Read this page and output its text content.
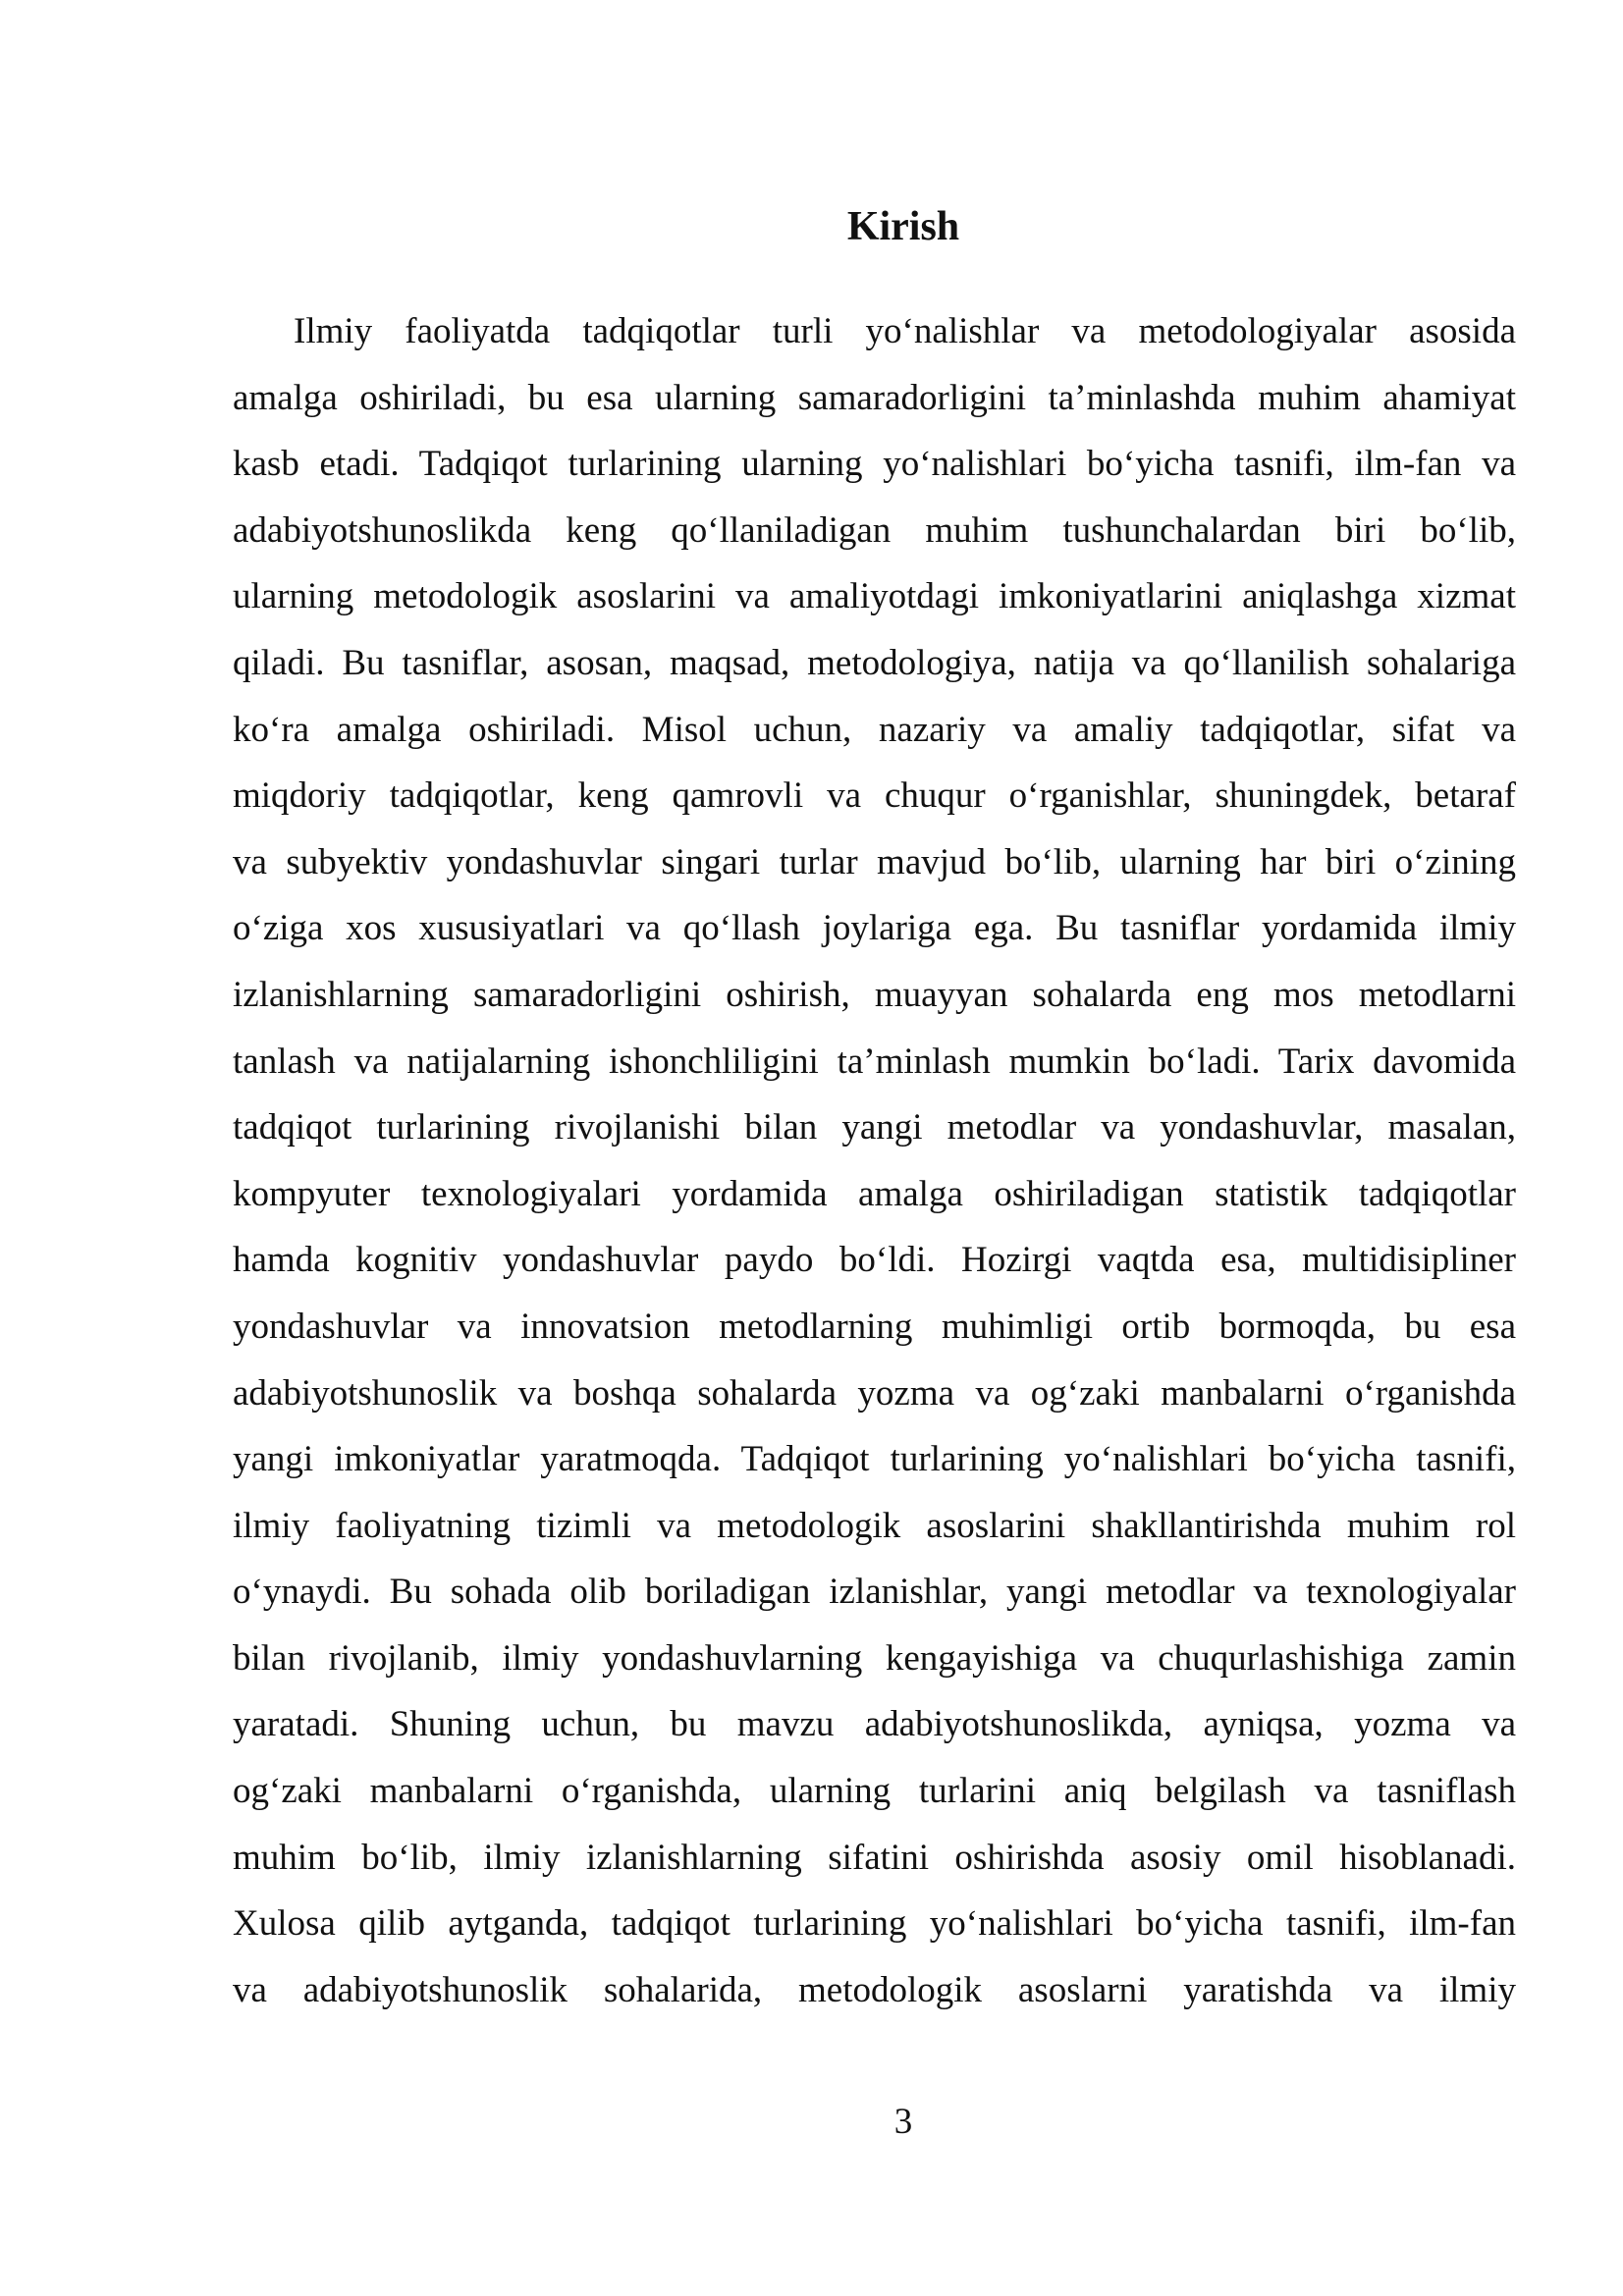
Kirish
Ilmiy faoliyatda tadqiqotlar turli yo‘nalishlar va metodologiyalar asosida
amalga oshiriladi, bu esa ularning samaradorligini ta’minlashda muhim ahamiyat
kasb etadi. Tadqiqot turlarining ularning yo‘nalishlari bo‘yicha tasnifi, ilm-fan va
adabiyotshunoslikda keng qo‘llaniladigan muhim tushunchalardan biri bo‘lib,
ularning metodologik asoslarini va amaliyotdagi imkoniyatlarini aniqlashga xizmat
qiladi. Bu tasniflar, asosan, maqsad, metodologiya, natija va qo‘llanilish sohalariga
ko‘ra amalga oshiriladi. Misol uchun, nazariy va amaliy tadqiqotlar, sifat va
miqdoriy tadqiqotlar, keng qamrovli va chuqur o‘rganishlar, shuningdek, betaraf
va subyektiv yondashuvlar singari turlar mavjud bo‘lib, ularning har biri o‘zining
o‘ziga xos xususiyatlari va qo‘llash joylariga ega. Bu tasniflar yordamida ilmiy
izlanishlarning samaradorligini oshirish, muayyan sohalarda eng mos metodlarni
tanlash va natijalarning ishonchliligini ta’minlash mumkin bo‘ladi. Tarix davomida
tadqiqot turlarining rivojlanishi bilan yangi metodlar va yondashuvlar, masalan,
kompyuter texnologiyalari yordamida amalga oshiriladigan statistik tadqiqotlar
hamda kognitiv yondashuvlar paydo bo‘ldi. Hozirgi vaqtda esa, multidisipliner
yondashuvlar va innovatsion metodlarning muhimligi ortib bormoqda, bu esa
adabiyotshunoslik va boshqa sohalarda yozma va og‘zaki manbalarni o‘rganishda
yangi imkoniyatlar yaratmoqda. Tadqiqot turlarining yo‘nalishlari bo‘yicha tasnifi,
ilmiy faoliyatning tizimli va metodologik asoslarini shakllantirishda muhim rol
o‘ynaydi. Bu sohada olib boriladigan izlanishlar, yangi metodlar va texnologiyalar
bilan rivojlanib, ilmiy yondashuvlarning kengayishiga va chuqurlashishiga zamin
yaratadi. Shuning uchun, bu mavzu adabiyotshunoslikda, ayniqsa, yozma va
og‘zaki manbalarni o‘rganishda, ularning turlarini aniq belgilash va tasniflash
muhim bo‘lib, ilmiy izlanishlarning sifatini oshirishda asosiy omil hisoblanadi.
Xulosa qilib aytganda, tadqiqot turlarining yo‘nalishlari bo‘yicha tasnifi, ilm-fan
va adabiyotshunoslik sohalarida, metodologik asoslarni yaratishda va ilmiy
3
